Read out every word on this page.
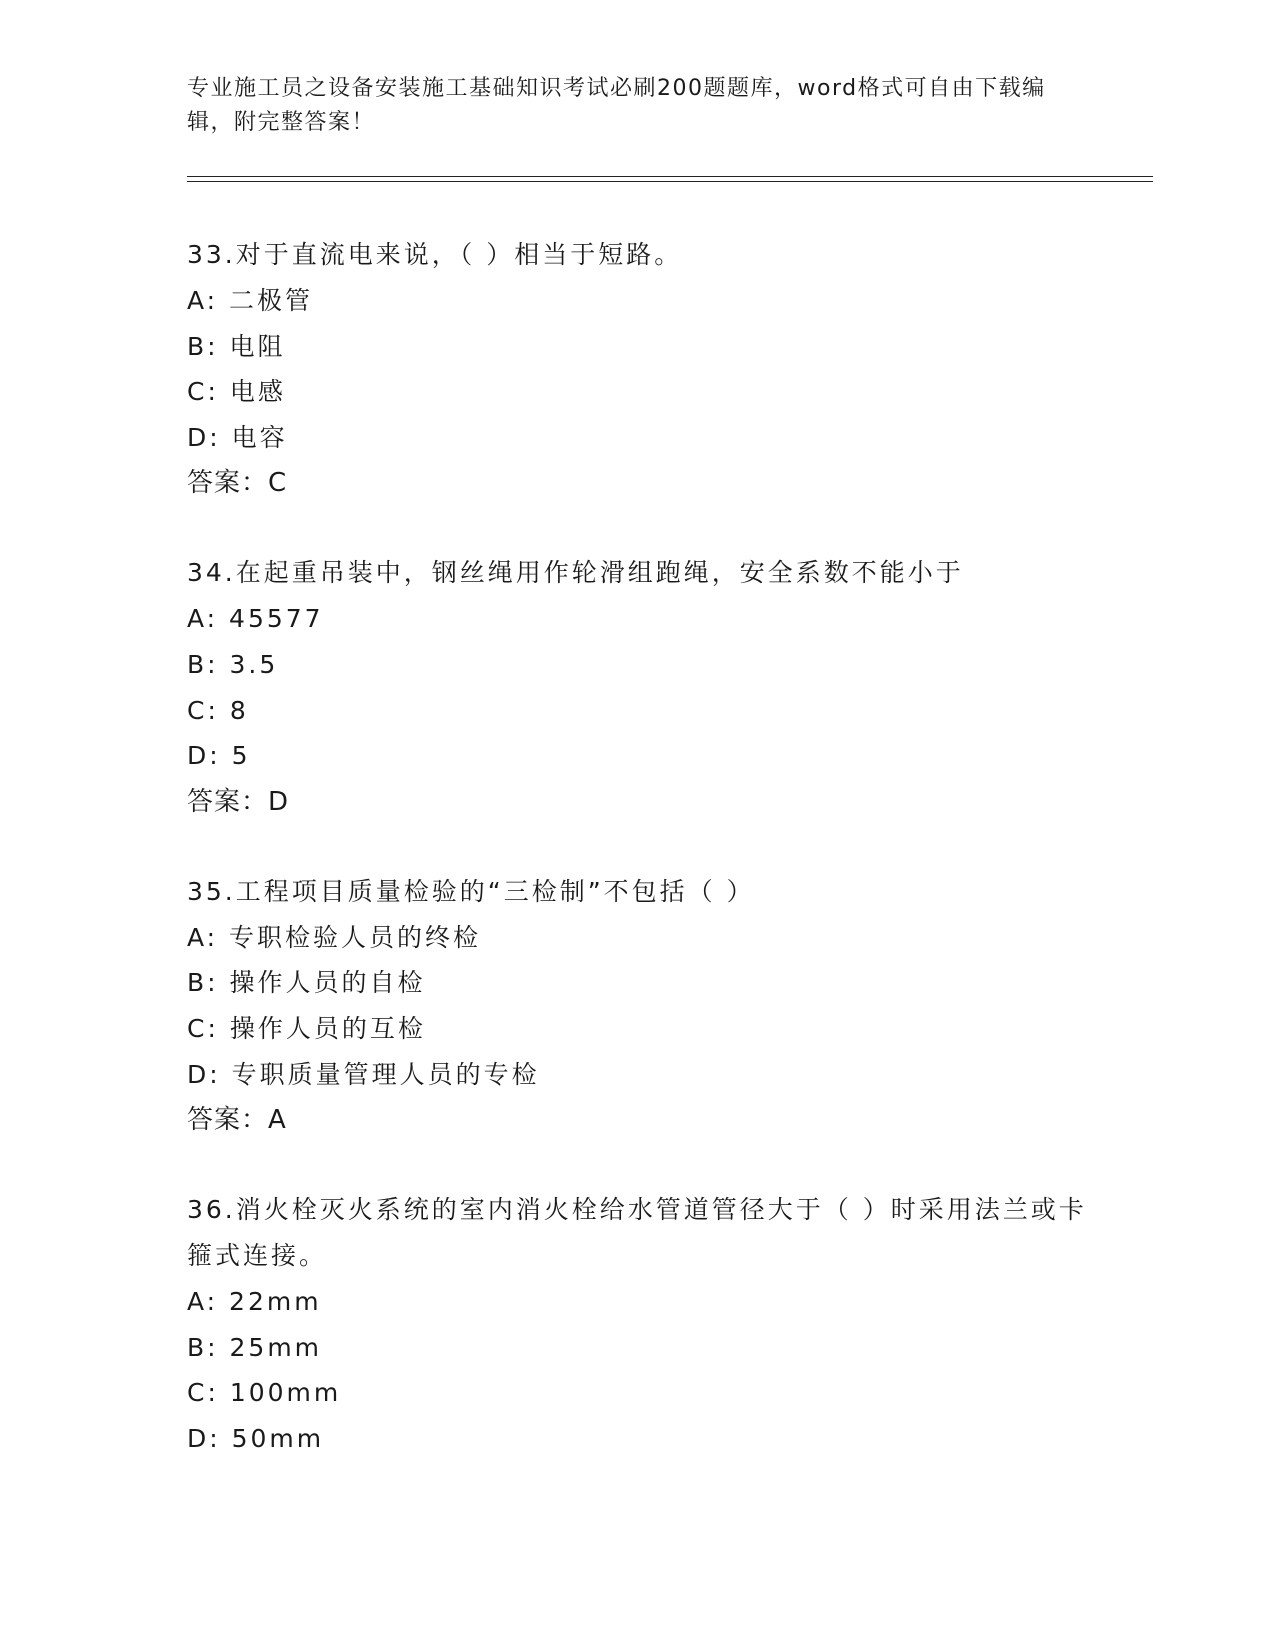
专业施工员之设备安装施工基础知识考试必刷200题题库，word格式可自由下载编辑，附完整答案！
33.对于直流电来说，（ ）相当于短路。
A: 二极管
B: 电阻
C: 电感
D: 电容
答案：C
34.在起重吊装中，钢丝绳用作轮滑组跑绳，安全系数不能小于
A: 45577
B: 3.5
C: 8
D: 5
答案：D
35.工程项目质量检验的“三检制”不包括（ ）
A: 专职检验人员的终检
B: 操作人员的自检
C: 操作人员的互检
D: 专职质量管理人员的专检
答案：A
36.消火栓灭火系统的室内消火栓给水管道管径大于（ ）时采用法兰或卡箍式连接。
A: 22mm
B: 25mm
C: 100mm
D: 50mm
